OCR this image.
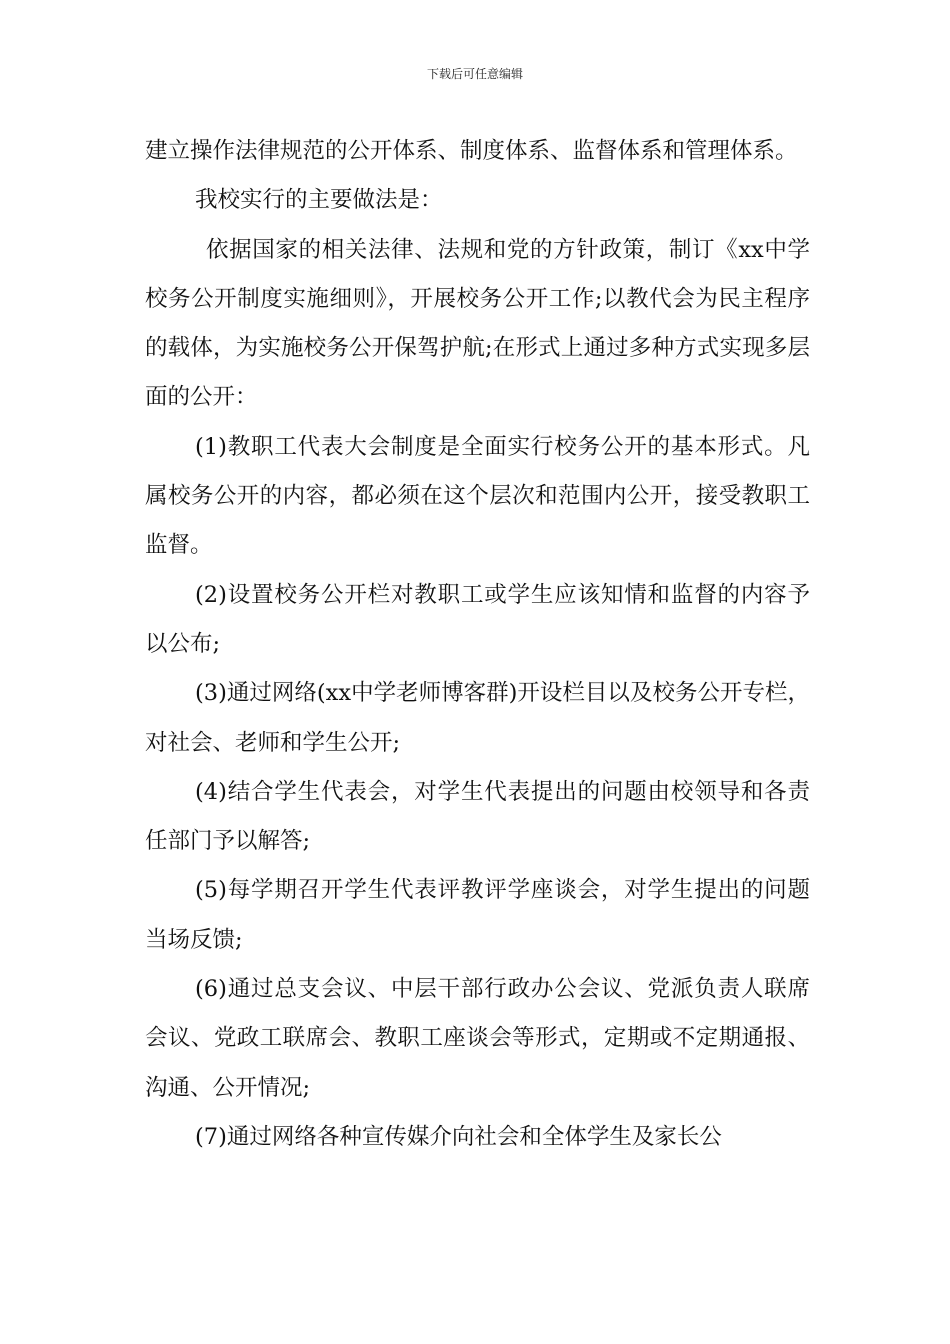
下载后可任意编辑

建立操作法律规范的公开体系、制度体系、监督体系和管理体系。

我校实行的主要做法是：

依据国家的相关法律、法规和党的方针政策，制订《xx中学校务公开制度实施细则》，开展校务公开工作;以教代会为民主程序的载体，为实施校务公开保驾护航;在形式上通过多种方式实现多层面的公开：

(1)教职工代表大会制度是全面实行校务公开的基本形式。凡属校务公开的内容，都必须在这个层次和范围内公开，接受教职工监督。

(2)设置校务公开栏对教职工或学生应该知情和监督的内容予以公布;

(3)通过网络(xx中学老师博客群)开设栏目以及校务公开专栏，对社会、老师和学生公开;

(4)结合学生代表会，对学生代表提出的问题由校领导和各责任部门予以解答;

(5)每学期召开学生代表评教评学座谈会，对学生提出的问题当场反馈;

(6)通过总支会议、中层干部行政办公会议、党派负责人联席会议、党政工联席会、教职工座谈会等形式，定期或不定期通报、沟通、公开情况;

(7)通过网络各种宣传媒介向社会和全体学生及家长公
